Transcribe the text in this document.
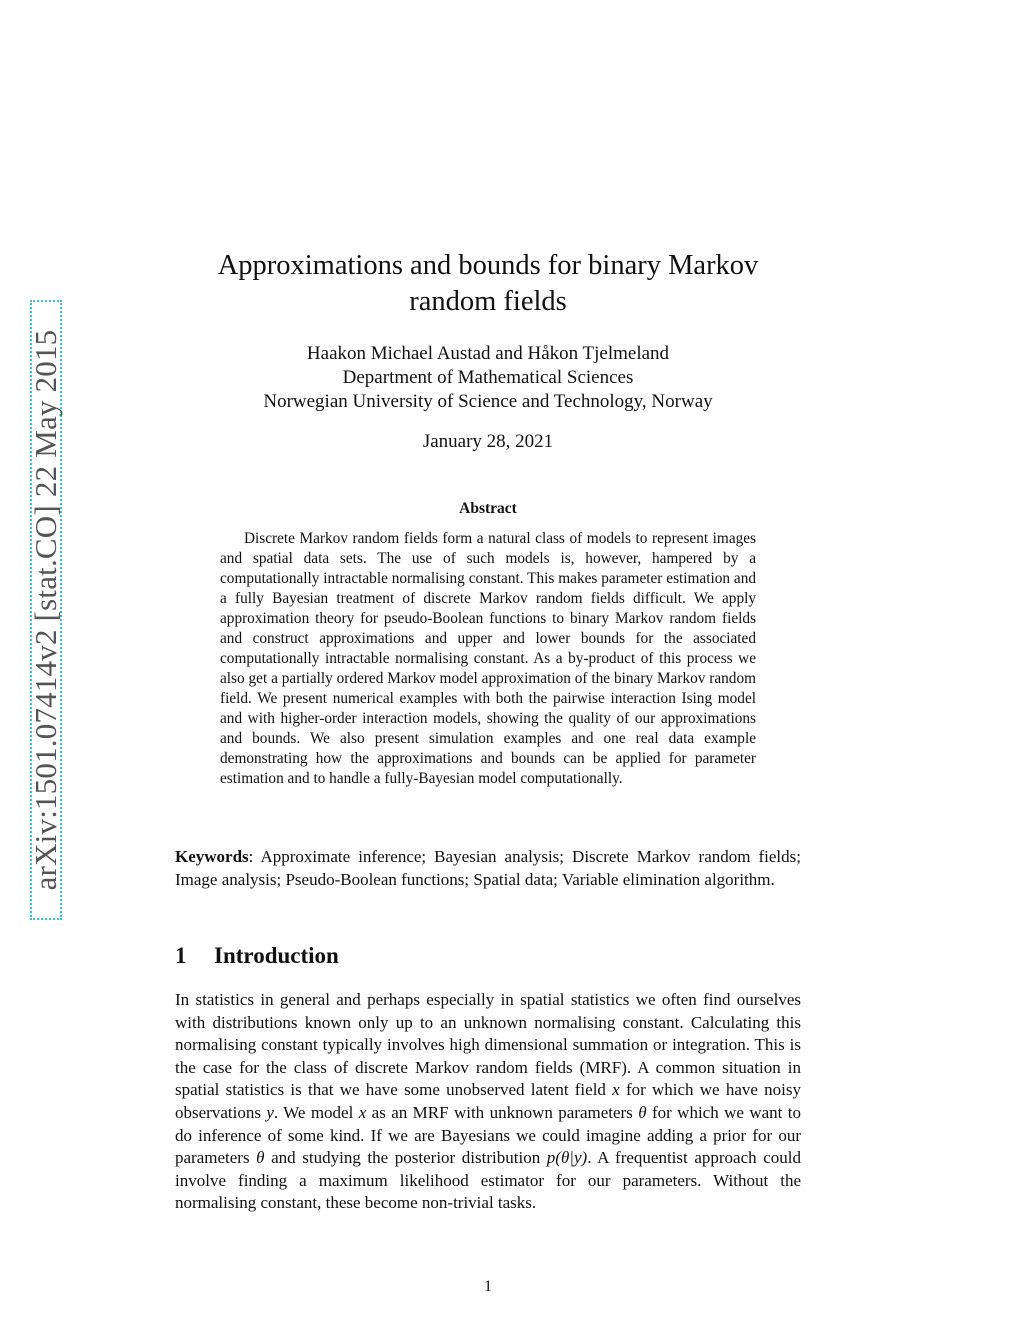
arXiv:1501.07414v2 [stat.CO] 22 May 2015
Approximations and bounds for binary Markov
random fields
Haakon Michael Austad and Håkon Tjelmeland
Department of Mathematical Sciences
Norwegian University of Science and Technology, Norway
January 28, 2021
Abstract
Discrete Markov random fields form a natural class of models to represent images and spatial data sets. The use of such models is, however, hampered by a computationally intractable normalising constant. This makes parameter estimation and a fully Bayesian treatment of discrete Markov random fields difficult. We apply approximation theory for pseudo-Boolean functions to binary Markov random fields and construct approximations and upper and lower bounds for the associated computationally intractable normalising constant. As a by-product of this process we also get a partially ordered Markov model approximation of the binary Markov random field. We present numerical examples with both the pairwise interaction Ising model and with higher-order interaction models, showing the quality of our approximations and bounds. We also present simulation examples and one real data example demonstrating how the approximations and bounds can be applied for parameter estimation and to handle a fully-Bayesian model computationally.
Keywords: Approximate inference; Bayesian analysis; Discrete Markov random fields; Image analysis; Pseudo-Boolean functions; Spatial data; Variable elimination algorithm.
1 Introduction
In statistics in general and perhaps especially in spatial statistics we often find ourselves with distributions known only up to an unknown normalising constant. Calculating this normalising constant typically involves high dimensional summation or integration. This is the case for the class of discrete Markov random fields (MRF). A common situation in spatial statistics is that we have some unobserved latent field x for which we have noisy observations y. We model x as an MRF with unknown parameters θ for which we want to do inference of some kind. If we are Bayesians we could imagine adding a prior for our parameters θ and studying the posterior distribution p(θ|y). A frequentist approach could involve finding a maximum likelihood estimator for our parameters. Without the normalising constant, these become non-trivial tasks.
1
